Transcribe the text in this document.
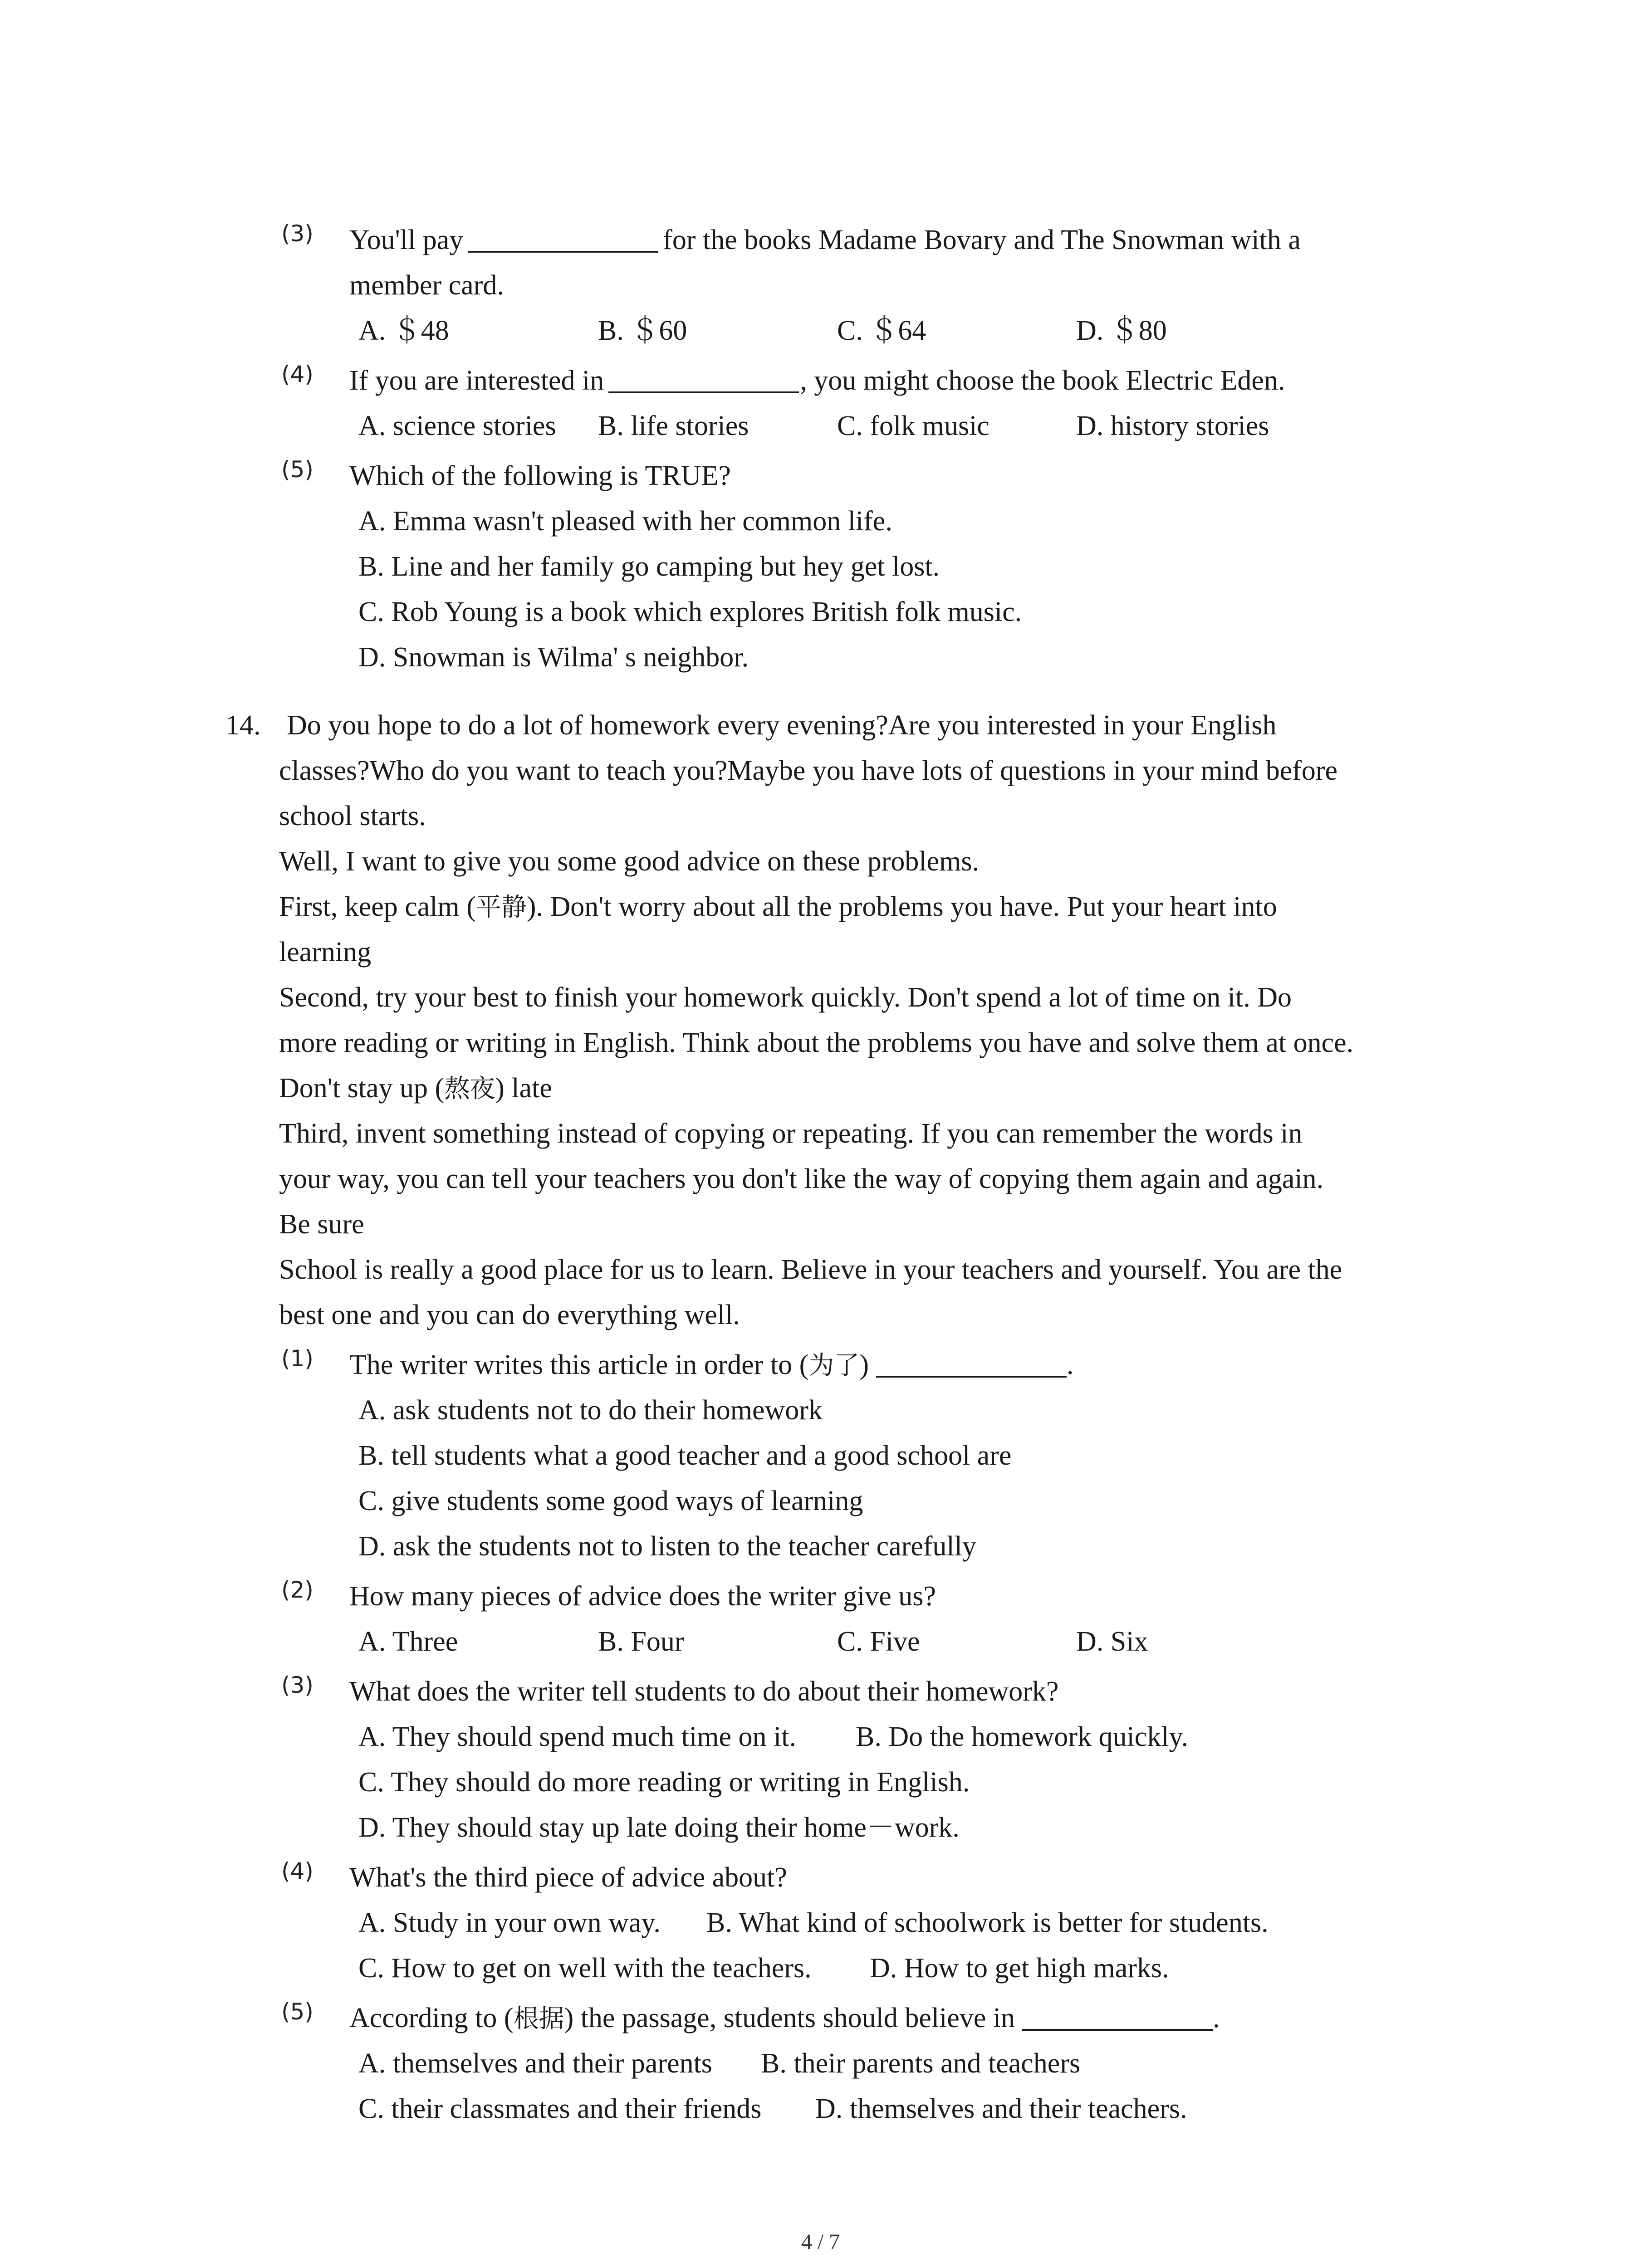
(3) You'll pay	for the books Madame Bovary and The Snowman with a
member card.
A. ＄48	B. ＄60	C. ＄64	D. ＄80
(4) If you are interested in	, you might choose the book Electric Eden.
A. science stories B. life stories	C. folk music	D. history stories
(5) Which of the following is TRUE?
A. Emma wasn't pleased with her common life.
B. Line and her family go camping but hey get lost.
C. Rob Young is a book which explores British folk music.
D. Snowman is Wilma' s neighbor.
14. Do you hope to do a lot of homework every evening?Are you interested in your English
classes?Who do you want to teach you?Maybe you have lots of questions in your mind before
school starts.
Well, I want to give you some good advice on these problems.
First, keep calm (平静). Don't worry about all the problems you have. Put your heart into
learning
Second, try your best to finish your homework quickly. Don't spend a lot of time on it. Do
more reading or writing in English. Think about the problems you have and solve them at once.
Don't stay up (熬夜) late
Third, invent something instead of copying or repeating. If you can remember the words in
your way, you can tell your teachers you don't like the way of copying them again and again.
Be sure
School is really a good place for us to learn. Believe in your teachers and yourself. You are the
best one and you can do everything well.
(1) The writer writes this article in order to (为了)	.
A. ask students not to do their homework
B. tell students what a good teacher and a good school are
C. give students some good ways of learning
D. ask the students not to listen to the teacher carefully
(2) How many pieces of advice does the writer give us?
A. Three	B. Four	C. Five	D. Six
(3) What does the writer tell students to do about their homework?
A. They should spend much time on it. B. Do the homework quickly.
C. They should do more reading or writing in English.
D. They should stay up late doing their home－work.
(4) What's the third piece of advice about?
A. Study in your own way. B. What kind of schoolwork is better for students.
C. How to get on well with the teachers. D. How to get high marks.
(5) According to (根据) the passage, students should believe in	.
A. themselves and their parents B. their parents and teachers
C. their classmates and their friends D. themselves and their teachers.
4 / 7
